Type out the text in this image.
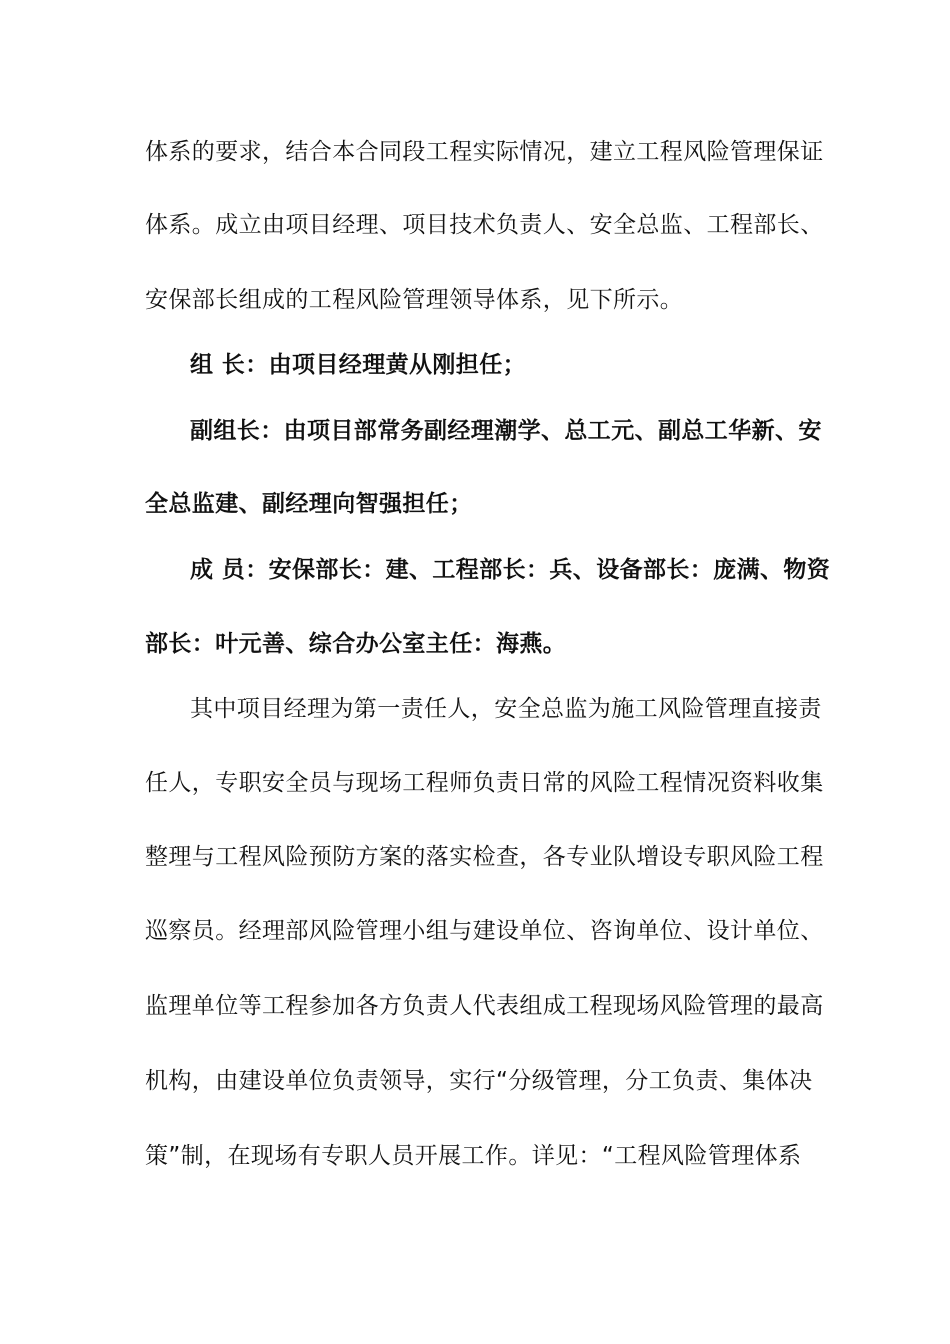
体系的要求，结合本合同段工程实际情况，建立工程风险管理保证
体系。成立由项目经理、项目技术负责人、安全总监、工程部长、
安保部长组成的工程风险管理领导体系，见下所示。
组 长：由项目经理黄从刚担任；
副组长：由项目部常务副经理潮学、总工元、副总工华新、安
全总监建、副经理向智强担任；
成 员：安保部长：建、工程部长：兵、设备部长：庞满、物资
部长：叶元善、综合办公室主任：海燕。
其中项目经理为第一责任人，安全总监为施工风险管理直接责
任人，专职安全员与现场工程师负责日常的风险工程情况资料收集
整理与工程风险预防方案的落实检查，各专业队增设专职风险工程
巡察员。经理部风险管理小组与建设单位、咨询单位、设计单位、
监理单位等工程参加各方负责人代表组成工程现场风险管理的最高
机构，由建设单位负责领导，实行“分级管理，分工负责、集体决
策”制，在现场有专职人员开展工作。详见：“工程风险管理体系
